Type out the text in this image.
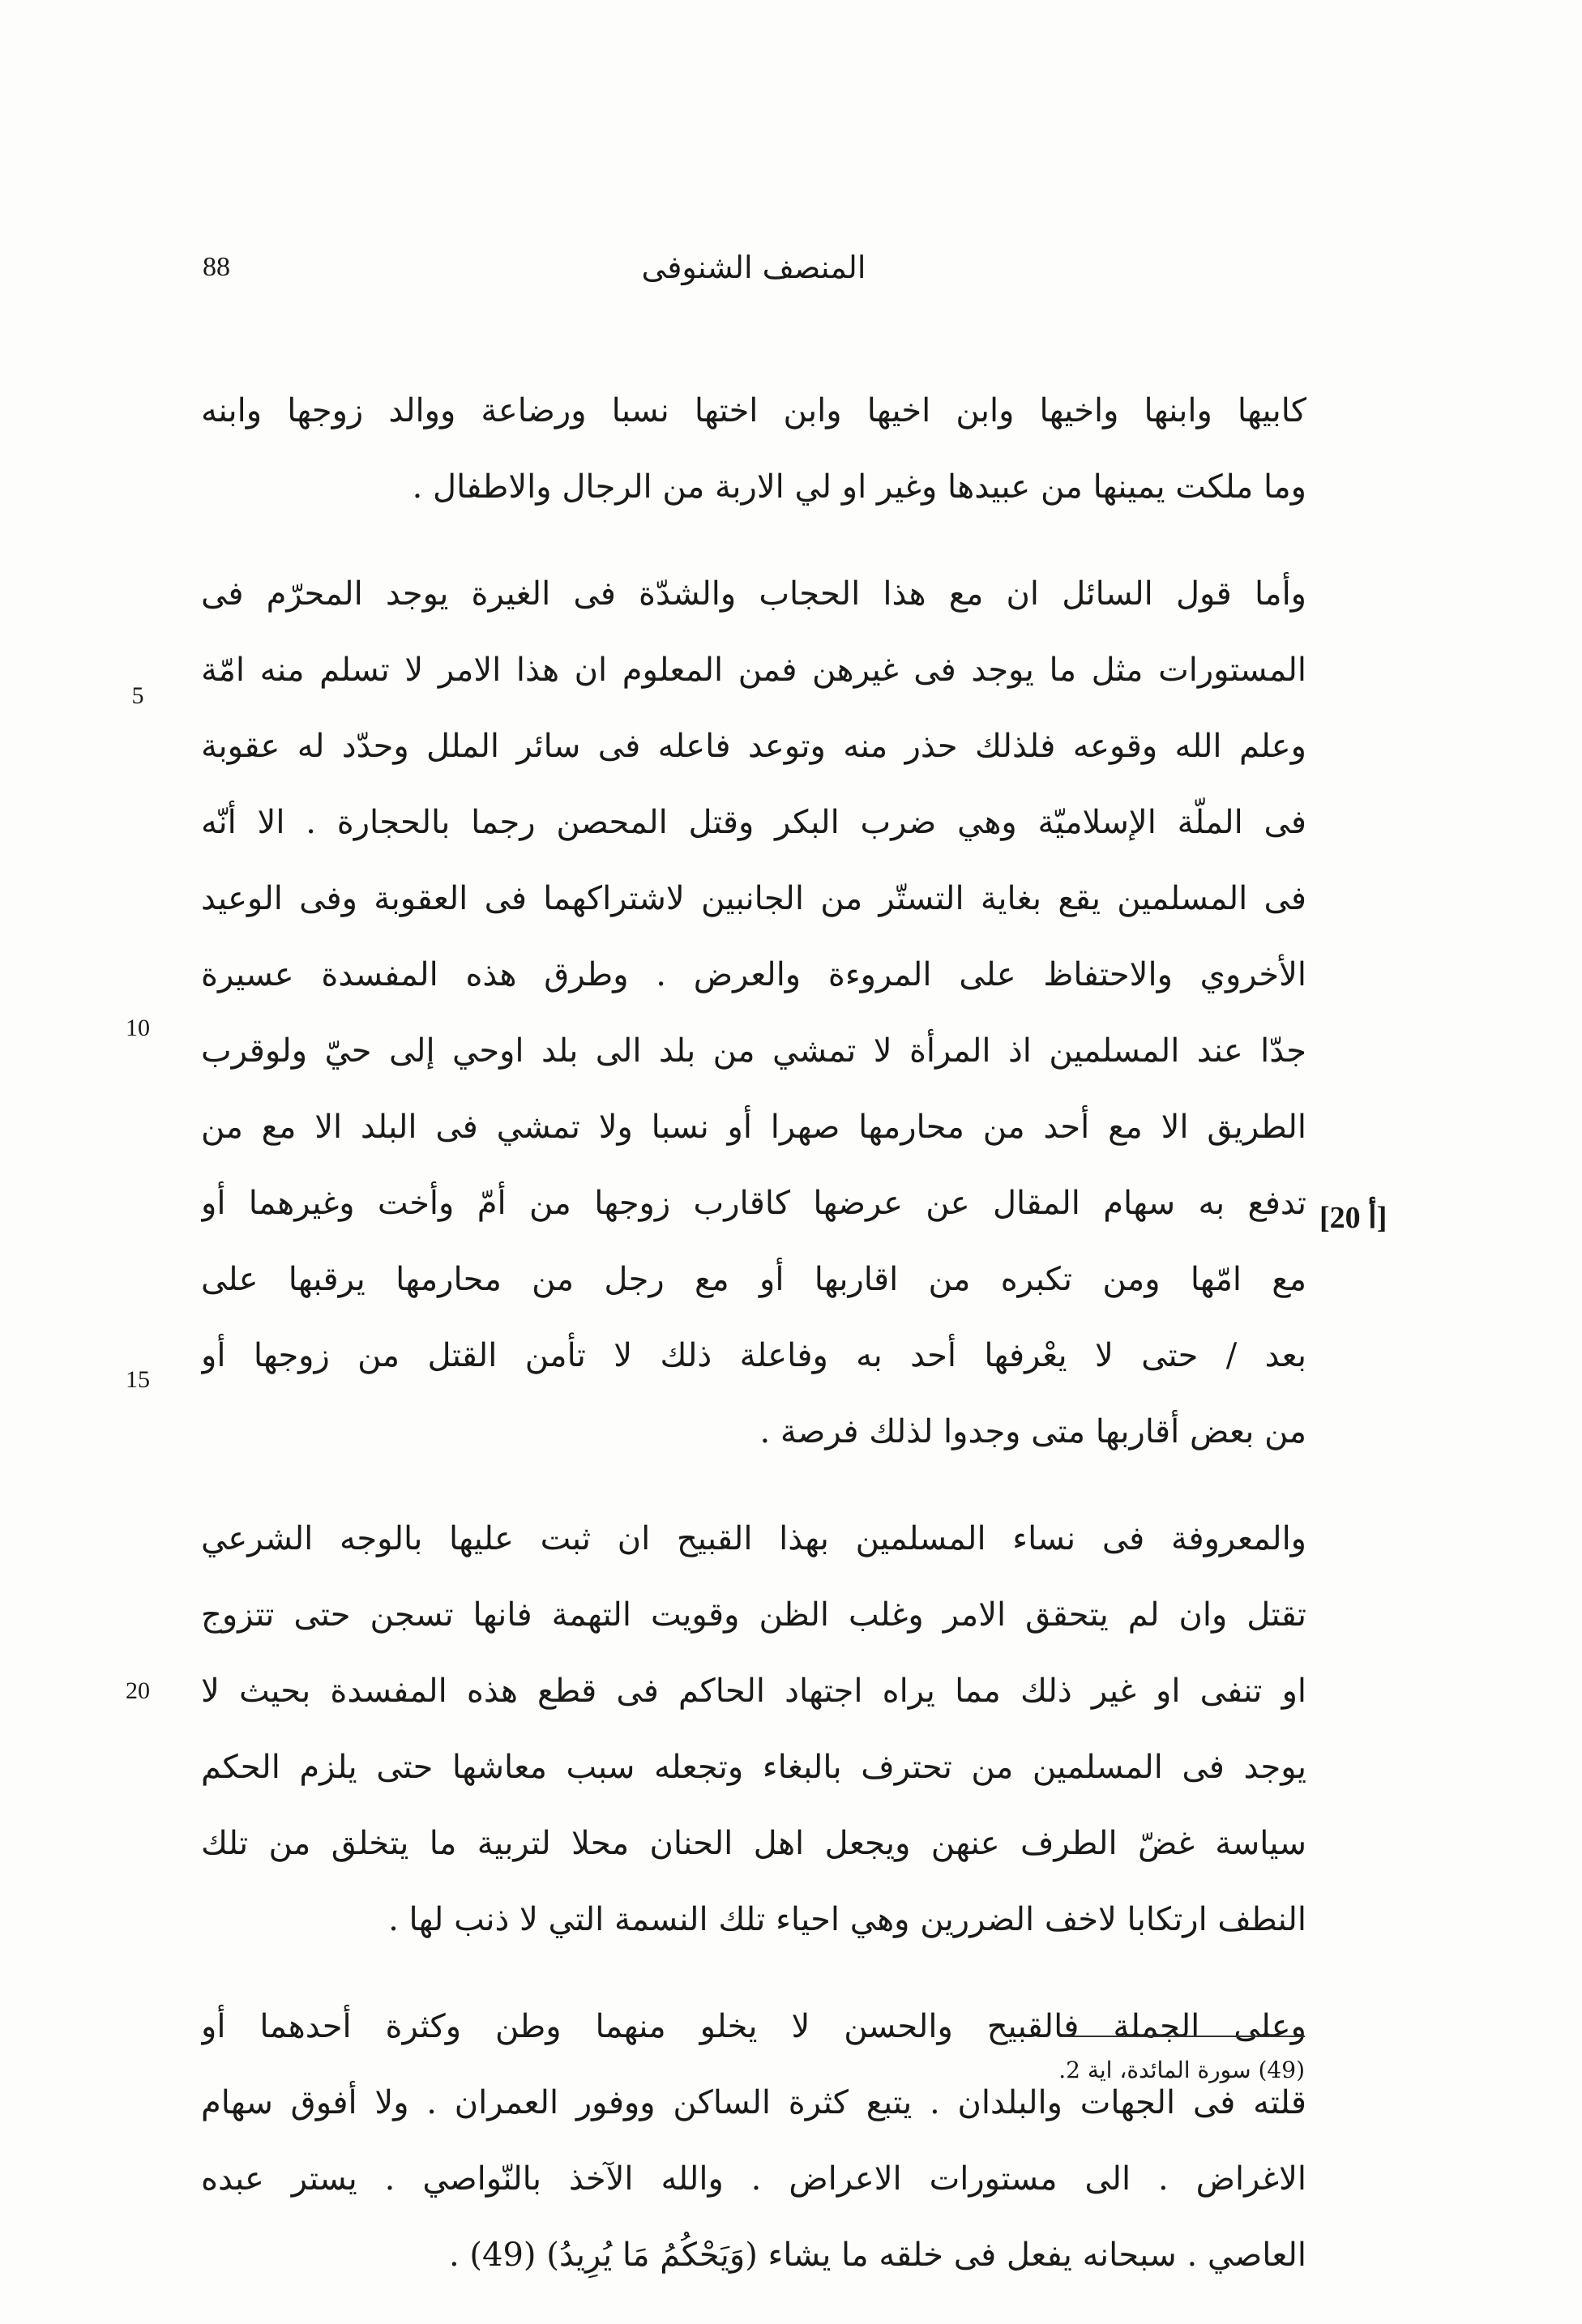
88	المنصف الشنوفى
كابيها وابنها واخيها وابن اخيها وابن اختها نسبا ورضاعة ووالد زوجها وابنه
وما ملكت يمينها من عبيدها وغير او لي الاربة من الرجال والاطفال .
وأما قول السائل ان مع هذا الحجاب والشدّة فى الغيرة يوجد المحرّم فى
المستورات مثل ما يوجد فى غيرهن فمن المعلوم ان هذا الامر لا تسلم منه امّة
وعلم الله وقوعه فلذلك حذر منه وتوعد فاعله فى سائر الملل وحدّد له عقوبة
فى الملّة الإسلاميّة وهي ضرب البكر وقتل المحصن رجما بالحجارة . الا أنّه
فى المسلمين يقع بغاية التستّر من الجانبين لاشتراكهما فى العقوبة وفى الوعيد
الأخروي والاحتفاظ على المروءة والعرض . وطرق هذه المفسدة عسيرة
جدّا عند المسلمين اذ المرأة لا تمشي من بلد الى بلد اوحي إلى حيّ ولوقرب
الطريق الا مع أحد من محارمها صهرا أو نسبا ولا تمشي فى البلد الا مع من
تدفع به سهام المقال عن عرضها كاقارب زوجها من أمّ وأخت وغيرهما أو
مع امّها ومن تكبره من اقاربها أو مع رجل من محارمها يرقبها على
بعد / حتى لا يعْرفها أحد به وفاعلة ذلك لا تأمن القتل من زوجها أو
من بعض أقاربها متى وجدوا لذلك فرصة .
والمعروفة فى نساء المسلمين بهذا القبيح ان ثبت عليها بالوجه الشرعي
تقتل وان لم يتحقق الامر وغلب الظن وقويت التهمة فانها تسجن حتى تتزوج
او تنفى او غير ذلك مما يراه اجتهاد الحاكم فى قطع هذه المفسدة بحيث لا
يوجد فى المسلمين من تحترف بالبغاء وتجعله سبب معاشها حتى يلزم الحكم
سياسة غضّ الطرف عنهن ويجعل اهل الحنان محلا لتربية ما يتخلق من تلك
النطف ارتكابا لاخف الضررين وهي احياء تلك النسمة التي لا ذنب لها .
وعلى الجملة فالقبيح والحسن لا يخلو منهما وطن وكثرة أحدهما أو
قلته فى الجهات والبلدان . يتبع كثرة الساكن ووفور العمران . ولا أفوق سهام
الاغراض . الى مستورات الاعراض . والله الآخذ بالنّواصي . يستر عبده
العاصي . سبحانه يفعل فى خلقه ما يشاء (وَيَحْكُمُ مَا يُرِيدُ) (49) .
5
10
15
20
[20 أ]
(49) سورة المائدة، اية 2.
